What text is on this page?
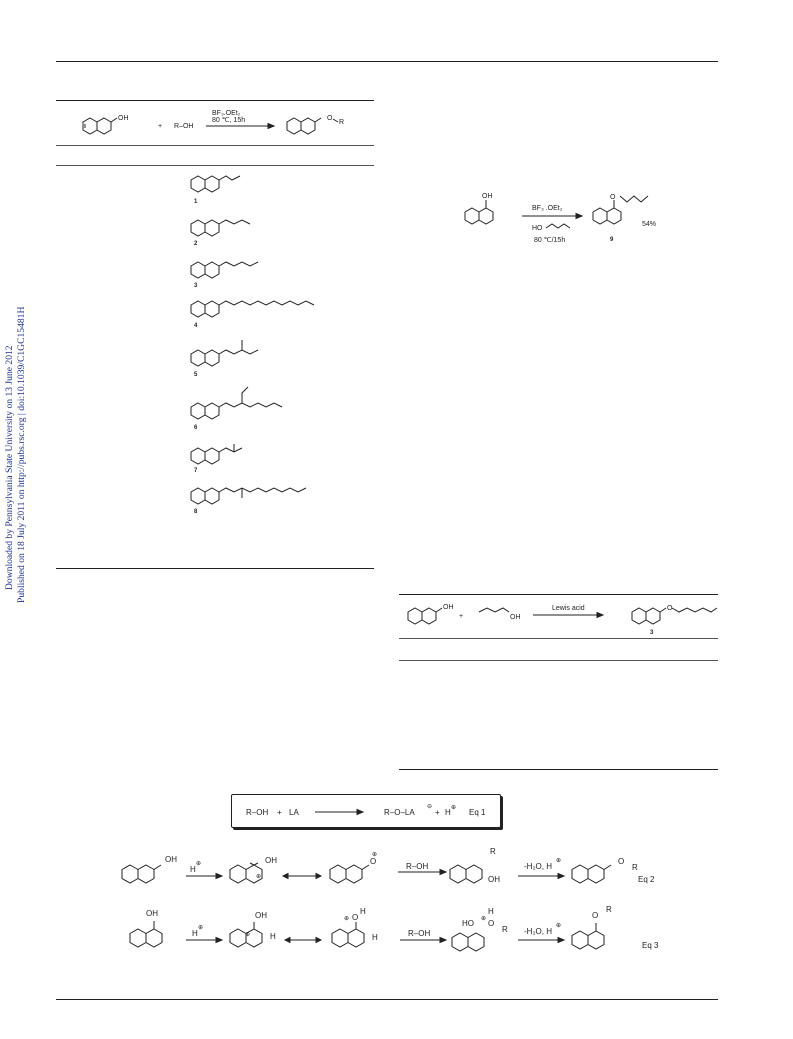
Downloaded by Pennsylvania State University on 13 June 2012 Published on 18 July 2011 on http://pubs.rsc.org | doi:10.1039/C1GC15481H
OH
+ R–OH
BF₃.OEt₂
80 ℃, 15h	O
R
1
2
3
4
5
6
7
8
OH
BF₃ .OEt₂
HO
80 ℃/15h
O
9
54%
OH
+	OH
Lewis acid	O
3
R–OH + LA	R–O–LA
⊖
+ H ⊕ Eq 1
OH
H
⊕	OH
⊕
O
⊕
R–OH
R
OH
-H₂O, H
⊕	O
R
Eq 2
OH
H
⊕
OH
H
⊕
O
⊕
H
H	R–OH
HO O
H
R
⊕
-H₂O, H
⊕
O
R
Eq 3
